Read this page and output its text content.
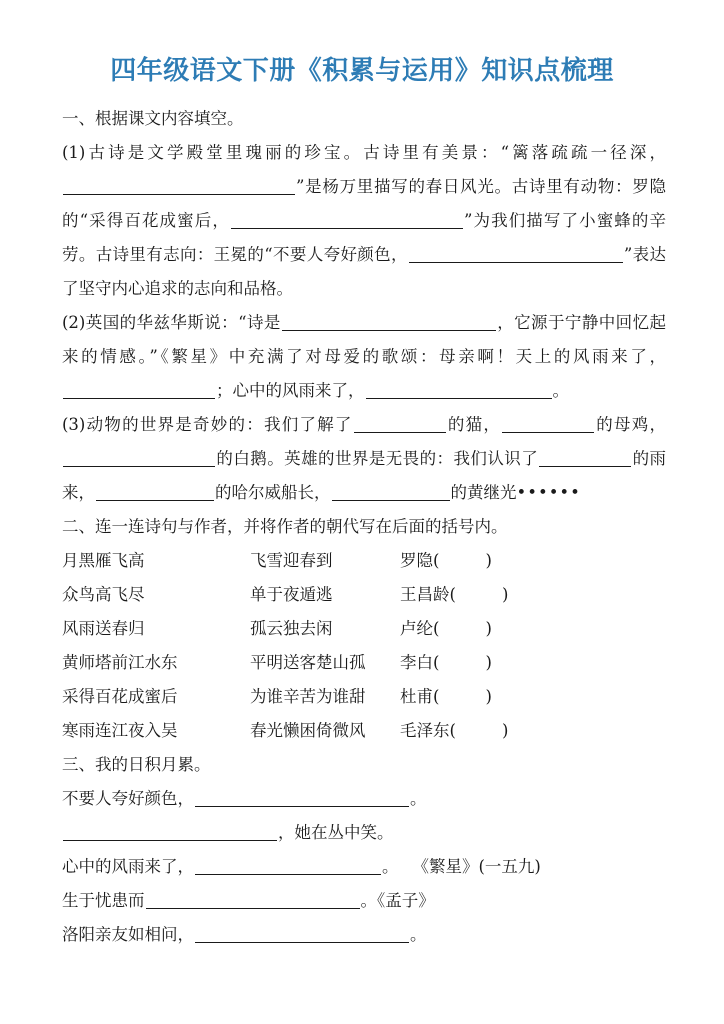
四年级语文下册《积累与运用》知识点梳理

一、根据课文内容填空。

(1)古诗是文学殿堂里瑰丽的珍宝。古诗里有美景：“篱落疏疏一径深，”是杨万里描写的春日风光。古诗里有动物：罗隐的“采得百花成蜜后，	”为我们描写了小蜜蜂的辛劳。古诗里有志向：王冕的“不要人夸好颜色，	”表达了坚守内心追求的志向和品格。

(2)英国的华兹华斯说：“诗是	，它源于宁静中回忆起来的情感。”《繁星》中充满了对母爱的歌颂：母亲啊！天上的风雨来了，；心中的风雨来了，	。

(3)动物的世界是奇妙的：我们了解了	的猫，	的母鸡，的白鹅。英雄的世界是无畏的：我们认识了	的雨来，	的哈尔威船长，	的黄继光••••••

二、连一连诗句与作者，并将作者的朝代写在后面的括号内。

月黑雁飞高	飞雪迎春到	罗隐( )
众鸟高飞尽	单于夜遁逃	王昌龄( )
风雨送春归	孤云独去闲	卢纶( )
黄师塔前江水东	平明送客楚山孤	李白( )
采得百花成蜜后	为谁辛苦为谁甜	杜甫( )
寒雨连江夜入吴	春光懒困倚微风	毛泽东( )

三、我的日积月累。

不要人夸好颜色，	。
，她在丛中笑。
心中的风雨来了，	。 《繁星》(一五九)
生于忧患而	。《孟子》
洛阳亲友如相问，	。
